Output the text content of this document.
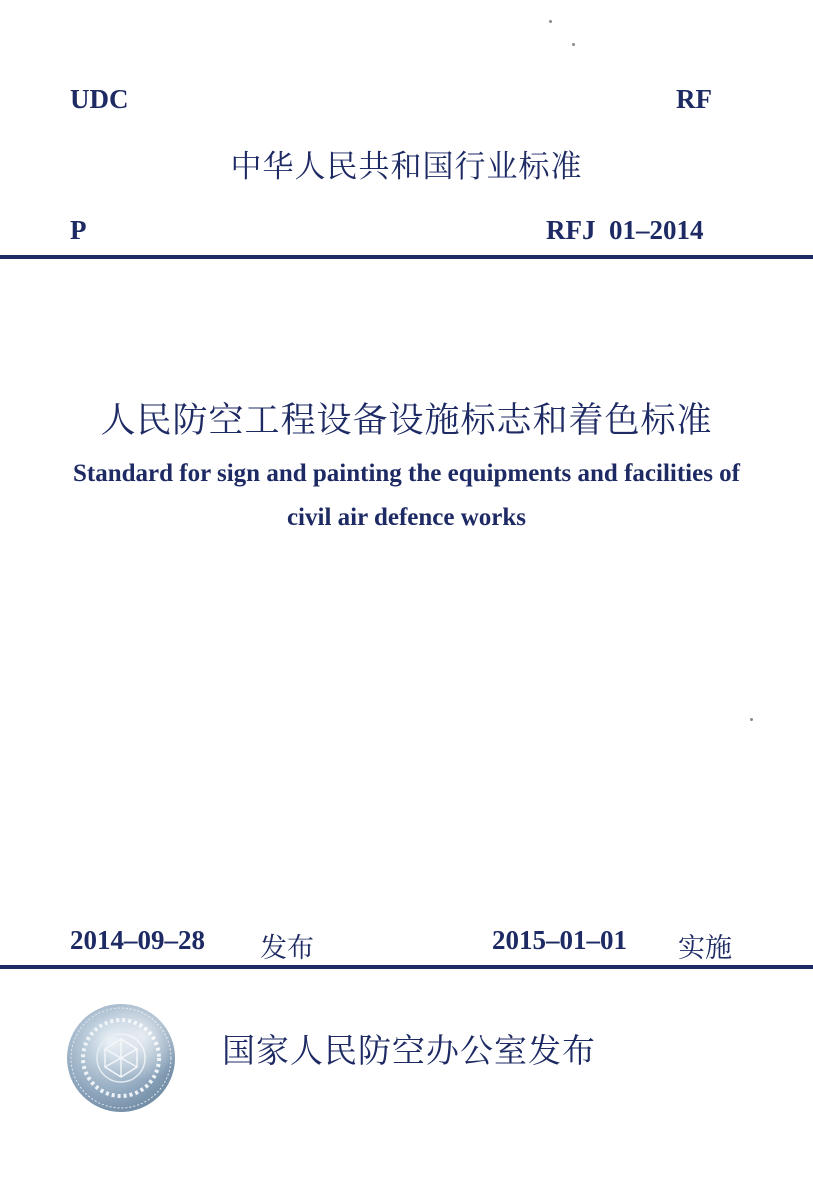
UDC	RF
中华人民共和国行业标准
P	RFJ  01–2014
人民防空工程设备设施标志和着色标准
Standard for sign and painting the equipments and facilities of
civil air defence works
2014–09–28 发布	2015–01–01 实施
国家人民防空办公室发布
